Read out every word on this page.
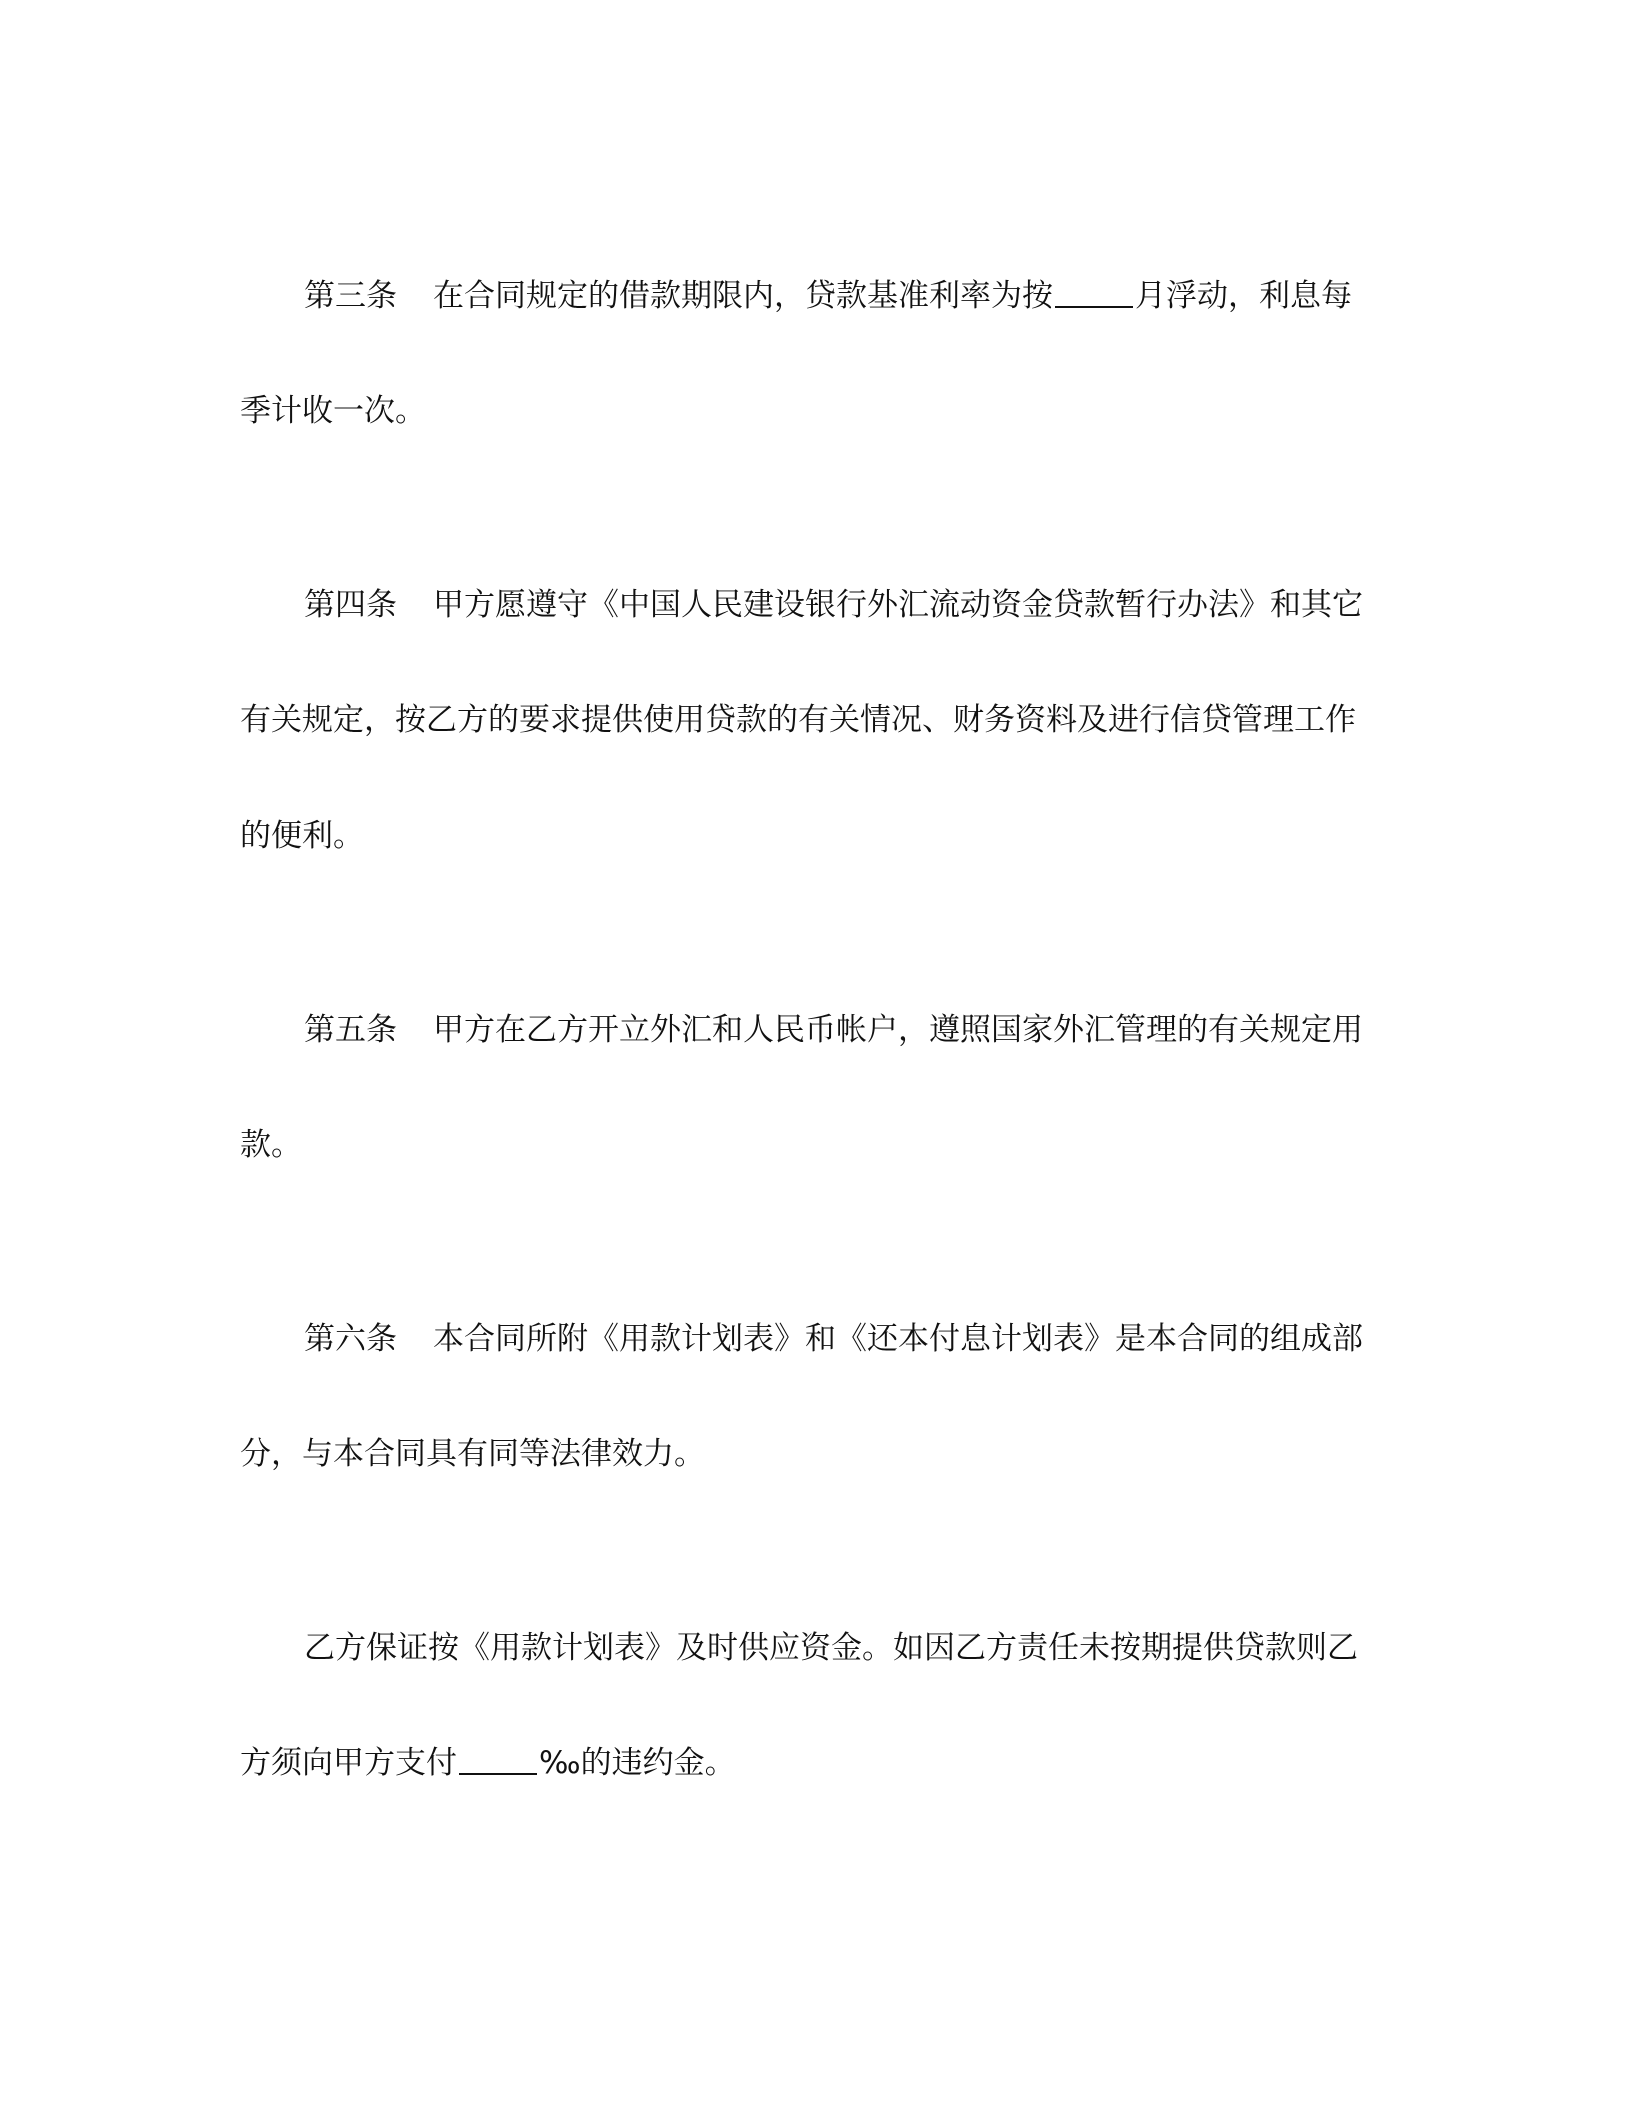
第三条 在合同规定的借款期限内，贷款基准利率为按	月浮动，利息每
季计收一次。
第四条 甲方愿遵守《中国人民建设银行外汇流动资金贷款暂行办法》和其它
有关规定，按乙方的要求提供使用贷款的有关情况、财务资料及进行信贷管理工作
的便利。
第五条 甲方在乙方开立外汇和人民币帐户，遵照国家外汇管理的有关规定用
款。
第六条 本合同所附《用款计划表》和《还本付息计划表》是本合同的组成部
分，与本合同具有同等法律效力。
乙方保证按《用款计划表》及时供应资金。如因乙方责任未按期提供贷款则乙
方须向甲方支付	‰的违约金。
